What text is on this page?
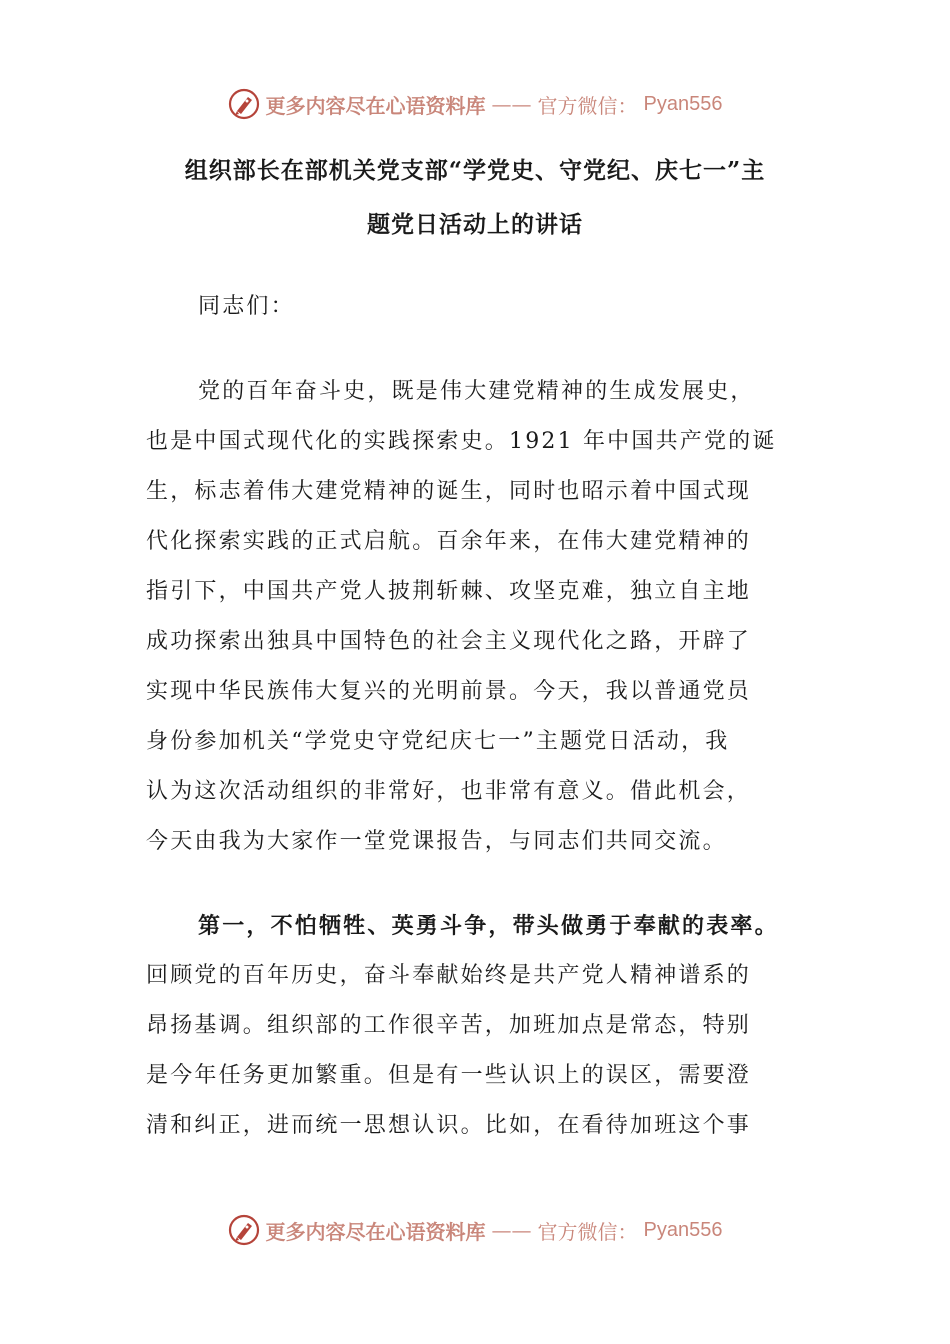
更多内容尽在心语资料库 —— 官方微信： Pyan556
组织部长在部机关党支部“学党史、守党纪、庆七一”主
题党日活动上的讲话
同志们：
党的百年奋斗史，既是伟大建党精神的生成发展史，
也是中国式现代化的实践探索史。1921 年中国共产党的诞
生，标志着伟大建党精神的诞生，同时也昭示着中国式现
代化探索实践的正式启航。百余年来，在伟大建党精神的
指引下，中国共产党人披荆斩棘、攻坚克难，独立自主地
成功探索出独具中国特色的社会主义现代化之路，开辟了
实现中华民族伟大复兴的光明前景。今天，我以普通党员
身份参加机关“学党史守党纪庆七一”主题党日活动，我
认为这次活动组织的非常好，也非常有意义。借此机会，
今天由我为大家作一堂党课报告，与同志们共同交流。
第一，不怕牺牲、英勇斗争，带头做勇于奉献的表率。
回顾党的百年历史，奋斗奉献始终是共产党人精神谱系的
昂扬基调。组织部的工作很辛苦，加班加点是常态，特别
是今年任务更加繁重。但是有一些认识上的误区，需要澄
清和纠正，进而统一思想认识。比如，在看待加班这个事
更多内容尽在心语资料库 —— 官方微信： Pyan556
